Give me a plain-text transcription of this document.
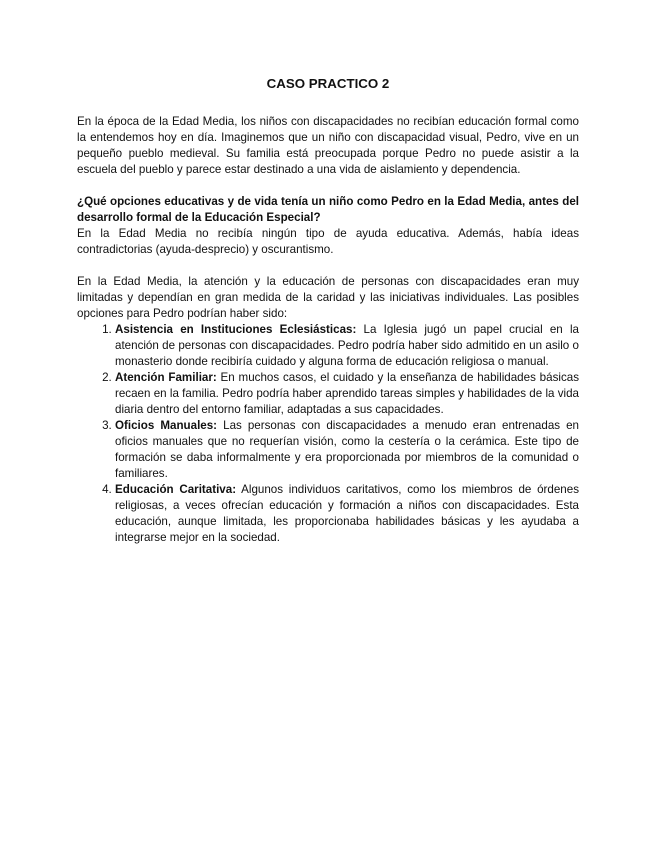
CASO PRACTICO 2

En la época de la Edad Media, los niños con discapacidades no recibían educación formal como la entendemos hoy en día. Imaginemos que un niño con discapacidad visual, Pedro, vive en un pequeño pueblo medieval. Su familia está preocupada porque Pedro no puede asistir a la escuela del pueblo y parece estar destinado a una vida de aislamiento y dependencia.

¿Qué opciones educativas y de vida tenía un niño como Pedro en la Edad Media, antes del desarrollo formal de la Educación Especial?

En la Edad Media no recibía ningún tipo de ayuda educativa. Además, había ideas contradictorias (ayuda-desprecio) y oscurantismo.

En la Edad Media, la atención y la educación de personas con discapacidades eran muy limitadas y dependían en gran medida de la caridad y las iniciativas individuales. Las posibles opciones para Pedro podrían haber sido:

1. Asistencia en Instituciones Eclesiásticas: La Iglesia jugó un papel crucial en la atención de personas con discapacidades. Pedro podría haber sido admitido en un asilo o monasterio donde recibiría cuidado y alguna forma de educación religiosa o manual.
2. Atención Familiar: En muchos casos, el cuidado y la enseñanza de habilidades básicas recaen en la familia. Pedro podría haber aprendido tareas simples y habilidades de la vida diaria dentro del entorno familiar, adaptadas a sus capacidades.
3. Oficios Manuales: Las personas con discapacidades a menudo eran entrenadas en oficios manuales que no requerían visión, como la cestería o la cerámica. Este tipo de formación se daba informalmente y era proporcionada por miembros de la comunidad o familiares.
4. Educación Caritativa: Algunos individuos caritativos, como los miembros de órdenes religiosas, a veces ofrecían educación y formación a niños con discapacidades. Esta educación, aunque limitada, les proporcionaba habilidades básicas y les ayudaba a integrarse mejor en la sociedad.
